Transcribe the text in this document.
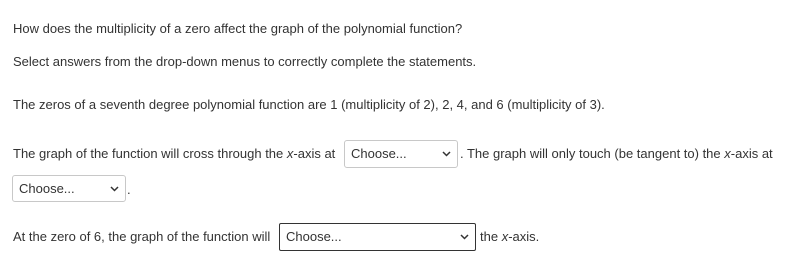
How does the multiplicity of a zero affect the graph of the polynomial function?
Select answers from the drop-down menus to correctly complete the statements.
The zeros of a seventh degree polynomial function are 1 (multiplicity of 2), 2, 4, and 6 (multiplicity of 3).
The graph of the function will cross through the x-axis at Choose...	. The graph will only touch (be tangent to) the x-axis at
Choose...	.
At the zero of 6, the graph of the function will Choose...	the x-axis.
